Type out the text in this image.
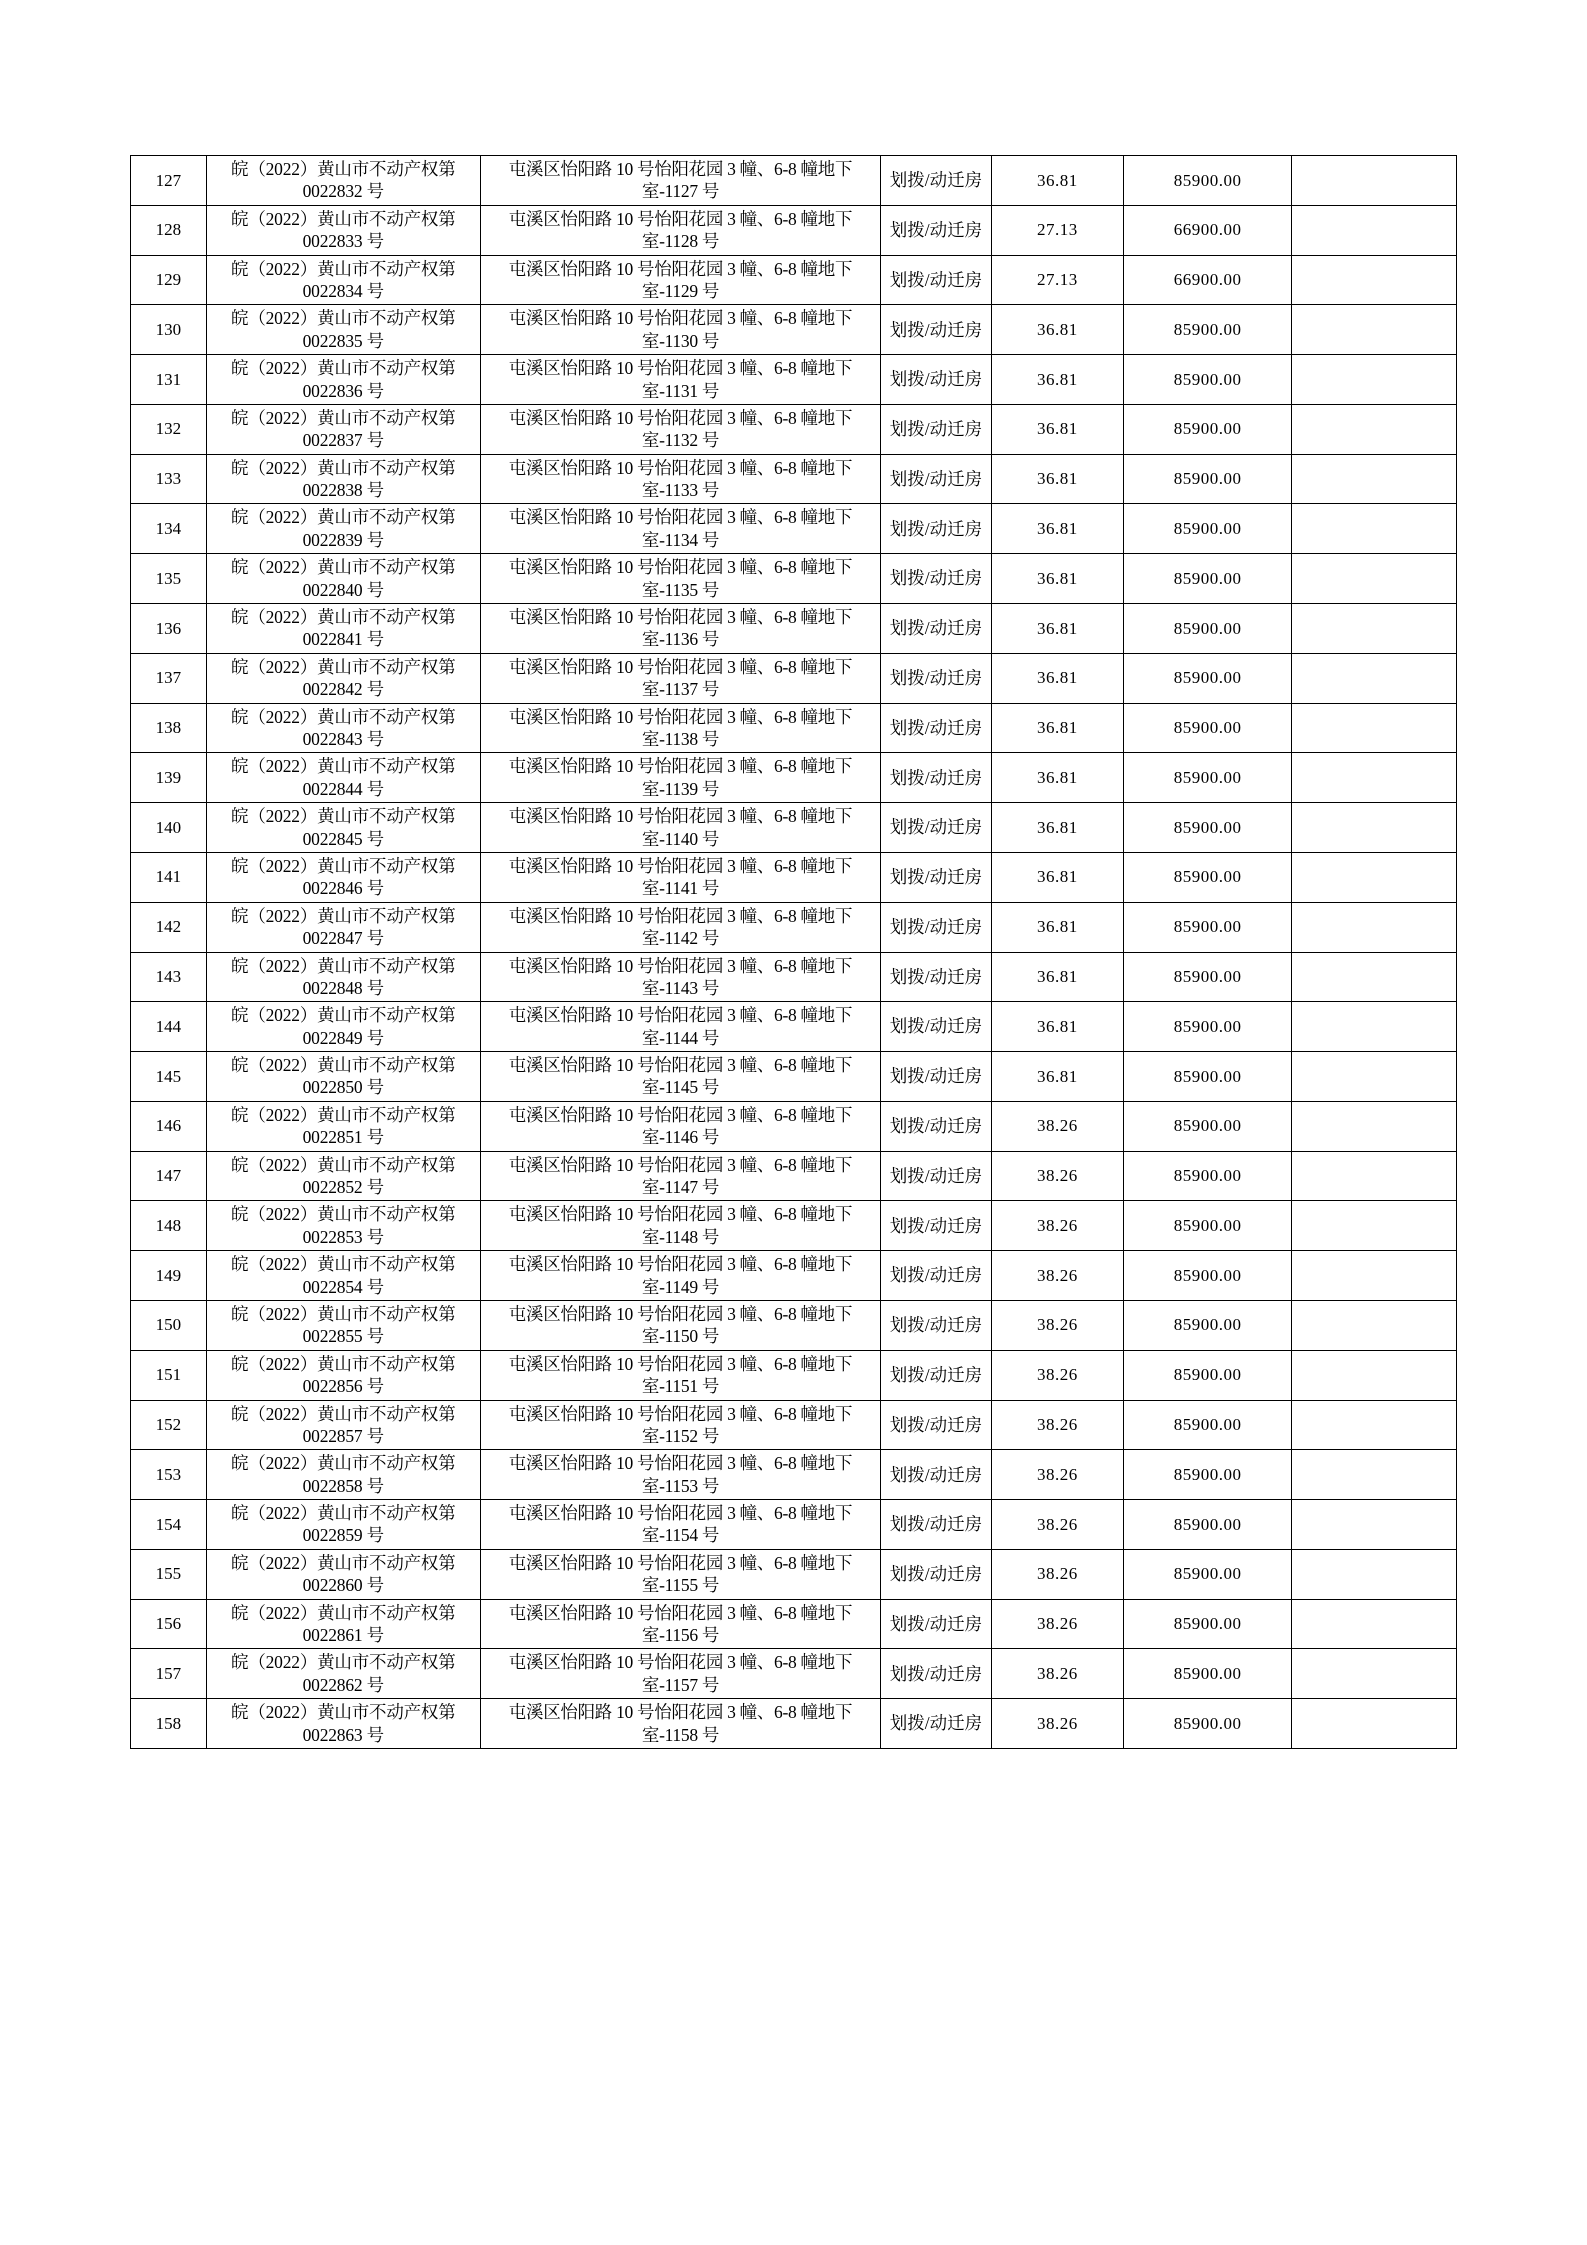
127	皖（2022）黄山市不动产权第 0022832 号	屯溪区怡阳路 10 号怡阳花园 3 幢、6-8 幢地下室-1127 号	划拨/动迁房	36.81	85900.00	
128	皖（2022）黄山市不动产权第 0022833 号	屯溪区怡阳路 10 号怡阳花园 3 幢、6-8 幢地下室-1128 号	划拨/动迁房	27.13	66900.00	
129	皖（2022）黄山市不动产权第 0022834 号	屯溪区怡阳路 10 号怡阳花园 3 幢、6-8 幢地下室-1129 号	划拨/动迁房	27.13	66900.00	
130	皖（2022）黄山市不动产权第 0022835 号	屯溪区怡阳路 10 号怡阳花园 3 幢、6-8 幢地下室-1130 号	划拨/动迁房	36.81	85900.00	
131	皖（2022）黄山市不动产权第 0022836 号	屯溪区怡阳路 10 号怡阳花园 3 幢、6-8 幢地下室-1131 号	划拨/动迁房	36.81	85900.00	
132	皖（2022）黄山市不动产权第 0022837 号	屯溪区怡阳路 10 号怡阳花园 3 幢、6-8 幢地下室-1132 号	划拨/动迁房	36.81	85900.00	
133	皖（2022）黄山市不动产权第 0022838 号	屯溪区怡阳路 10 号怡阳花园 3 幢、6-8 幢地下室-1133 号	划拨/动迁房	36.81	85900.00	
134	皖（2022）黄山市不动产权第 0022839 号	屯溪区怡阳路 10 号怡阳花园 3 幢、6-8 幢地下室-1134 号	划拨/动迁房	36.81	85900.00	
135	皖（2022）黄山市不动产权第 0022840 号	屯溪区怡阳路 10 号怡阳花园 3 幢、6-8 幢地下室-1135 号	划拨/动迁房	36.81	85900.00	
136	皖（2022）黄山市不动产权第 0022841 号	屯溪区怡阳路 10 号怡阳花园 3 幢、6-8 幢地下室-1136 号	划拨/动迁房	36.81	85900.00	
137	皖（2022）黄山市不动产权第 0022842 号	屯溪区怡阳路 10 号怡阳花园 3 幢、6-8 幢地下室-1137 号	划拨/动迁房	36.81	85900.00	
138	皖（2022）黄山市不动产权第 0022843 号	屯溪区怡阳路 10 号怡阳花园 3 幢、6-8 幢地下室-1138 号	划拨/动迁房	36.81	85900.00	
139	皖（2022）黄山市不动产权第 0022844 号	屯溪区怡阳路 10 号怡阳花园 3 幢、6-8 幢地下室-1139 号	划拨/动迁房	36.81	85900.00	
140	皖（2022）黄山市不动产权第 0022845 号	屯溪区怡阳路 10 号怡阳花园 3 幢、6-8 幢地下室-1140 号	划拨/动迁房	36.81	85900.00	
141	皖（2022）黄山市不动产权第 0022846 号	屯溪区怡阳路 10 号怡阳花园 3 幢、6-8 幢地下室-1141 号	划拨/动迁房	36.81	85900.00	
142	皖（2022）黄山市不动产权第 0022847 号	屯溪区怡阳路 10 号怡阳花园 3 幢、6-8 幢地下室-1142 号	划拨/动迁房	36.81	85900.00	
143	皖（2022）黄山市不动产权第 0022848 号	屯溪区怡阳路 10 号怡阳花园 3 幢、6-8 幢地下室-1143 号	划拨/动迁房	36.81	85900.00	
144	皖（2022）黄山市不动产权第 0022849 号	屯溪区怡阳路 10 号怡阳花园 3 幢、6-8 幢地下室-1144 号	划拨/动迁房	36.81	85900.00	
145	皖（2022）黄山市不动产权第 0022850 号	屯溪区怡阳路 10 号怡阳花园 3 幢、6-8 幢地下室-1145 号	划拨/动迁房	36.81	85900.00	
146	皖（2022）黄山市不动产权第 0022851 号	屯溪区怡阳路 10 号怡阳花园 3 幢、6-8 幢地下室-1146 号	划拨/动迁房	38.26	85900.00	
147	皖（2022）黄山市不动产权第 0022852 号	屯溪区怡阳路 10 号怡阳花园 3 幢、6-8 幢地下室-1147 号	划拨/动迁房	38.26	85900.00	
148	皖（2022）黄山市不动产权第 0022853 号	屯溪区怡阳路 10 号怡阳花园 3 幢、6-8 幢地下室-1148 号	划拨/动迁房	38.26	85900.00	
149	皖（2022）黄山市不动产权第 0022854 号	屯溪区怡阳路 10 号怡阳花园 3 幢、6-8 幢地下室-1149 号	划拨/动迁房	38.26	85900.00	
150	皖（2022）黄山市不动产权第 0022855 号	屯溪区怡阳路 10 号怡阳花园 3 幢、6-8 幢地下室-1150 号	划拨/动迁房	38.26	85900.00	
151	皖（2022）黄山市不动产权第 0022856 号	屯溪区怡阳路 10 号怡阳花园 3 幢、6-8 幢地下室-1151 号	划拨/动迁房	38.26	85900.00	
152	皖（2022）黄山市不动产权第 0022857 号	屯溪区怡阳路 10 号怡阳花园 3 幢、6-8 幢地下室-1152 号	划拨/动迁房	38.26	85900.00	
153	皖（2022）黄山市不动产权第 0022858 号	屯溪区怡阳路 10 号怡阳花园 3 幢、6-8 幢地下室-1153 号	划拨/动迁房	38.26	85900.00	
154	皖（2022）黄山市不动产权第 0022859 号	屯溪区怡阳路 10 号怡阳花园 3 幢、6-8 幢地下室-1154 号	划拨/动迁房	38.26	85900.00	
155	皖（2022）黄山市不动产权第 0022860 号	屯溪区怡阳路 10 号怡阳花园 3 幢、6-8 幢地下室-1155 号	划拨/动迁房	38.26	85900.00	
156	皖（2022）黄山市不动产权第 0022861 号	屯溪区怡阳路 10 号怡阳花园 3 幢、6-8 幢地下室-1156 号	划拨/动迁房	38.26	85900.00	
157	皖（2022）黄山市不动产权第 0022862 号	屯溪区怡阳路 10 号怡阳花园 3 幢、6-8 幢地下室-1157 号	划拨/动迁房	38.26	85900.00	
158	皖（2022）黄山市不动产权第 0022863 号	屯溪区怡阳路 10 号怡阳花园 3 幢、6-8 幢地下室-1158 号	划拨/动迁房	38.26	85900.00	
